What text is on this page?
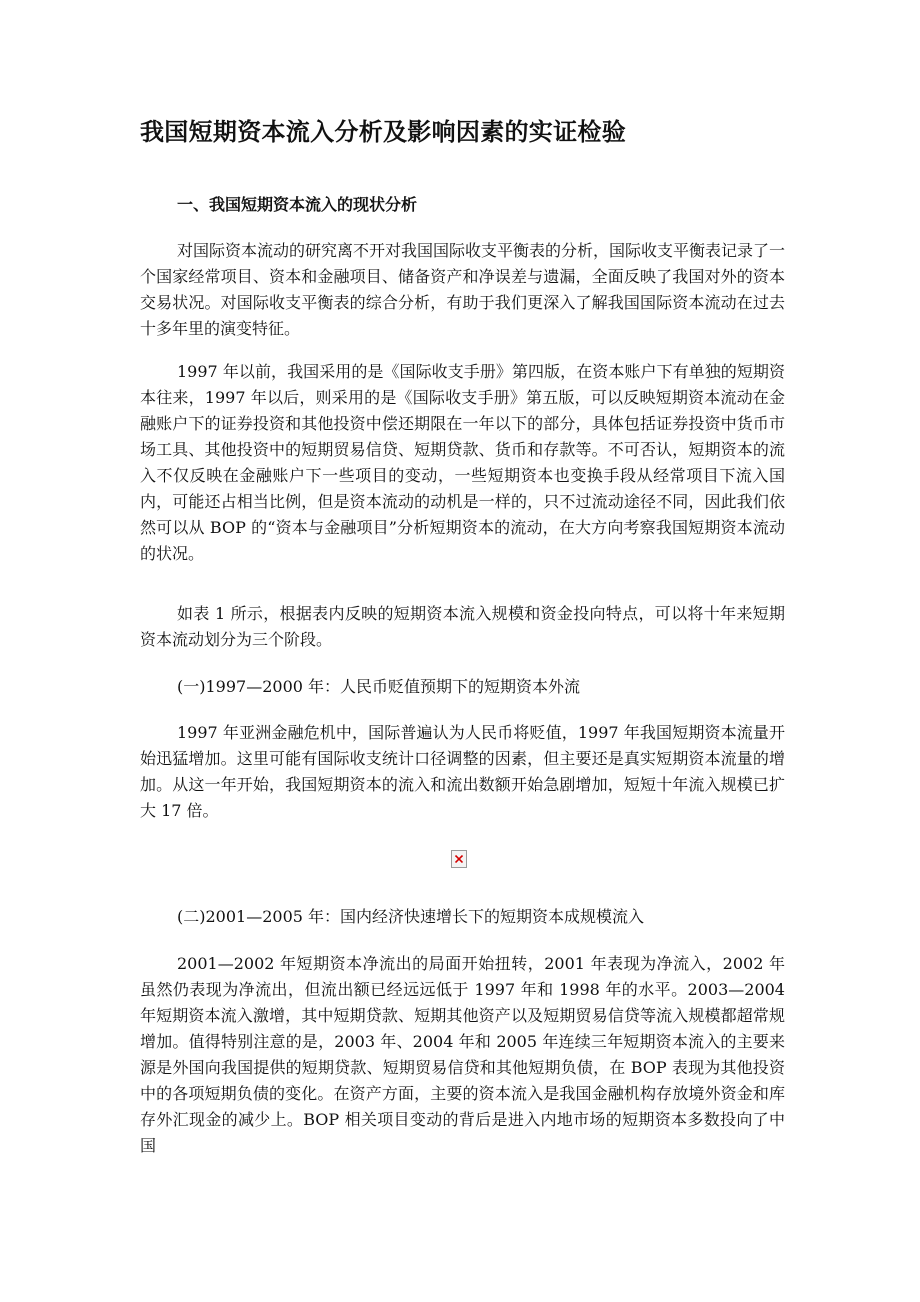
我国短期资本流入分析及影响因素的实证检验
一、我国短期资本流入的现状分析

对国际资本流动的研究离不开对我国国际收支平衡表的分析，国际收支平衡表记录了一个国家经常项目、资本和金融项目、储备资产和净误差与遗漏，全面反映了我国对外的资本交易状况。对国际收支平衡表的综合分析，有助于我们更深入了解我国国际资本流动在过去十多年里的演变特征。

1997 年以前，我国采用的是《国际收支手册》第四版，在资本账户下有单独的短期资本往来，1997 年以后，则采用的是《国际收支手册》第五版，可以反映短期资本流动在金融账户下的证券投资和其他投资中偿还期限在一年以下的部分，具体包括证券投资中货币市场工具、其他投资中的短期贸易信贷、短期贷款、货币和存款等。不可否认，短期资本的流入不仅反映在金融账户下一些项目的变动，一些短期资本也变换手段从经常项目下流入国内，可能还占相当比例，但是资本流动的动机是一样的，只不过流动途径不同，因此我们依然可以从 BOP 的“资本与金融项目”分析短期资本的流动，在大方向考察我国短期资本流动的状况。

如表 1 所示，根据表内反映的短期资本流入规模和资金投向特点，可以将十年来短期资本流动划分为三个阶段。

(一)1997—2000 年：人民币贬值预期下的短期资本外流

1997 年亚洲金融危机中，国际普遍认为人民币将贬值，1997 年我国短期资本流量开始迅猛增加。这里可能有国际收支统计口径调整的因素，但主要还是真实短期资本流量的增加。从这一年开始，我国短期资本的流入和流出数额开始急剧增加，短短十年流入规模已扩大 17 倍。

(二)2001—2005 年：国内经济快速增长下的短期资本成规模流入

2001—2002 年短期资本净流出的局面开始扭转，2001 年表现为净流入，2002 年虽然仍表现为净流出，但流出额已经远远低于 1997 年和 1998 年的水平。2003—2004 年短期资本流入激增，其中短期贷款、短期其他资产以及短期贸易信贷等流入规模都超常规增加。值得特别注意的是，2003 年、2004 年和 2005 年连续三年短期资本流入的主要来源是外国向我国提供的短期贷款、短期贸易信贷和其他短期负债，在 BOP 表现为其他投资中的各项短期负债的变化。在资产方面，主要的资本流入是我国金融机构存放境外资金和库存外汇现金的减少上。BOP 相关项目变动的背后是进入内地市场的短期资本多数投向了中国
